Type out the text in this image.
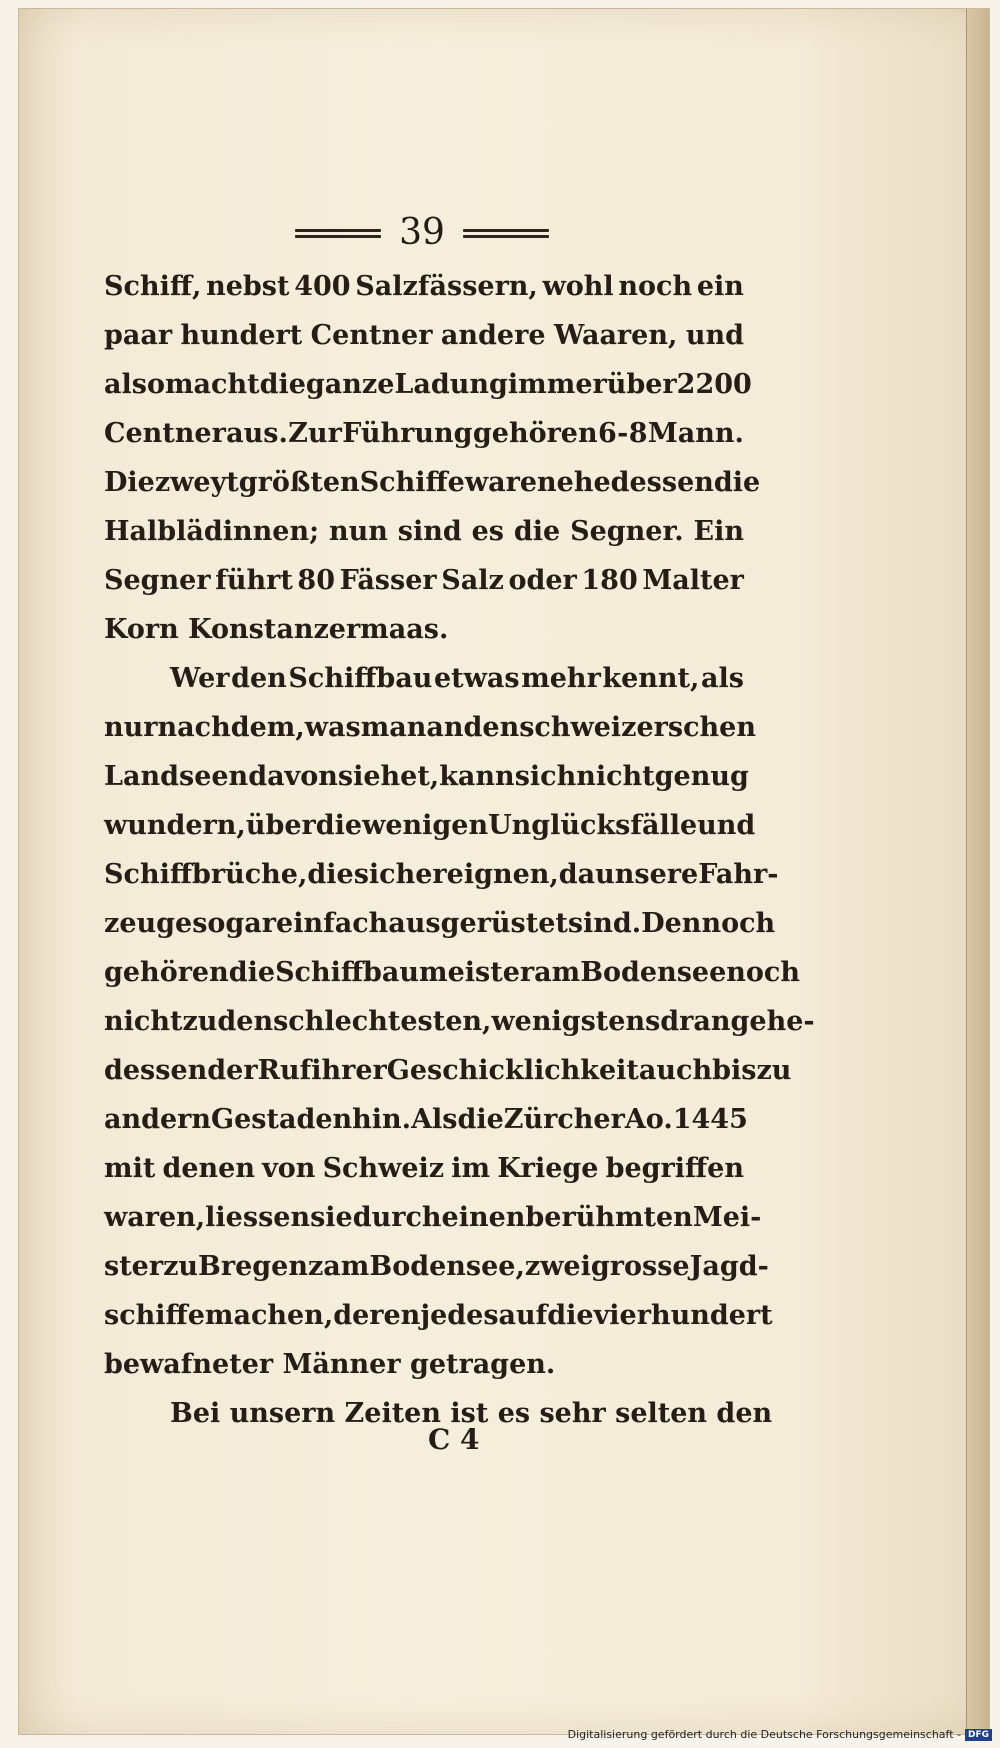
39
Schiff, nebst 400 Salzfässern, wohl noch ein
paar hundert Centner andere Waaren, und
also macht die ganze Ladung immer über 2200
Centner aus. Zur Führung gehören 6 - 8 Mann.
Die zweytgrößten Schiffe waren ehedessen die
Halblädinnen; nun sind es die Segner. Ein
Segner führt 80 Fässer Salz oder 180 Malter
Korn Konstanzermaas.
Wer den Schiffbau etwas mehr kennt, als
nur nach dem, was man an den schweizerschen
Landseen davon siehet, kann sich nicht genug
wundern, über die wenigen Unglücksfälle und
Schiffbrüche, die sich ereignen, da unsere Fahr-
zeuge so gar einfach ausgerüstet sind. Dennoch
gehören die Schiffbaumeister am Bodensee noch
nicht zu den schlechtesten, wenigstens drang ehe-
dessen der Ruf ihrer Geschicklichkeit auch bis zu
andern Gestaden hin. Als die Zürcher Ao. 1445
mit denen von Schweiz im Kriege begriffen
waren, liessen sie durch einen berühmten Mei-
ster zu Bregenz am Bodensee, zwei grosse Jagd-
schiffe machen, deren jedes auf die vierhundert
bewafneter Männer getragen.
Bei unsern Zeiten ist es sehr selten den
C 4
Digitalisierung gefördert durch die Deutsche Forschungsgemeinschaft - DFG
